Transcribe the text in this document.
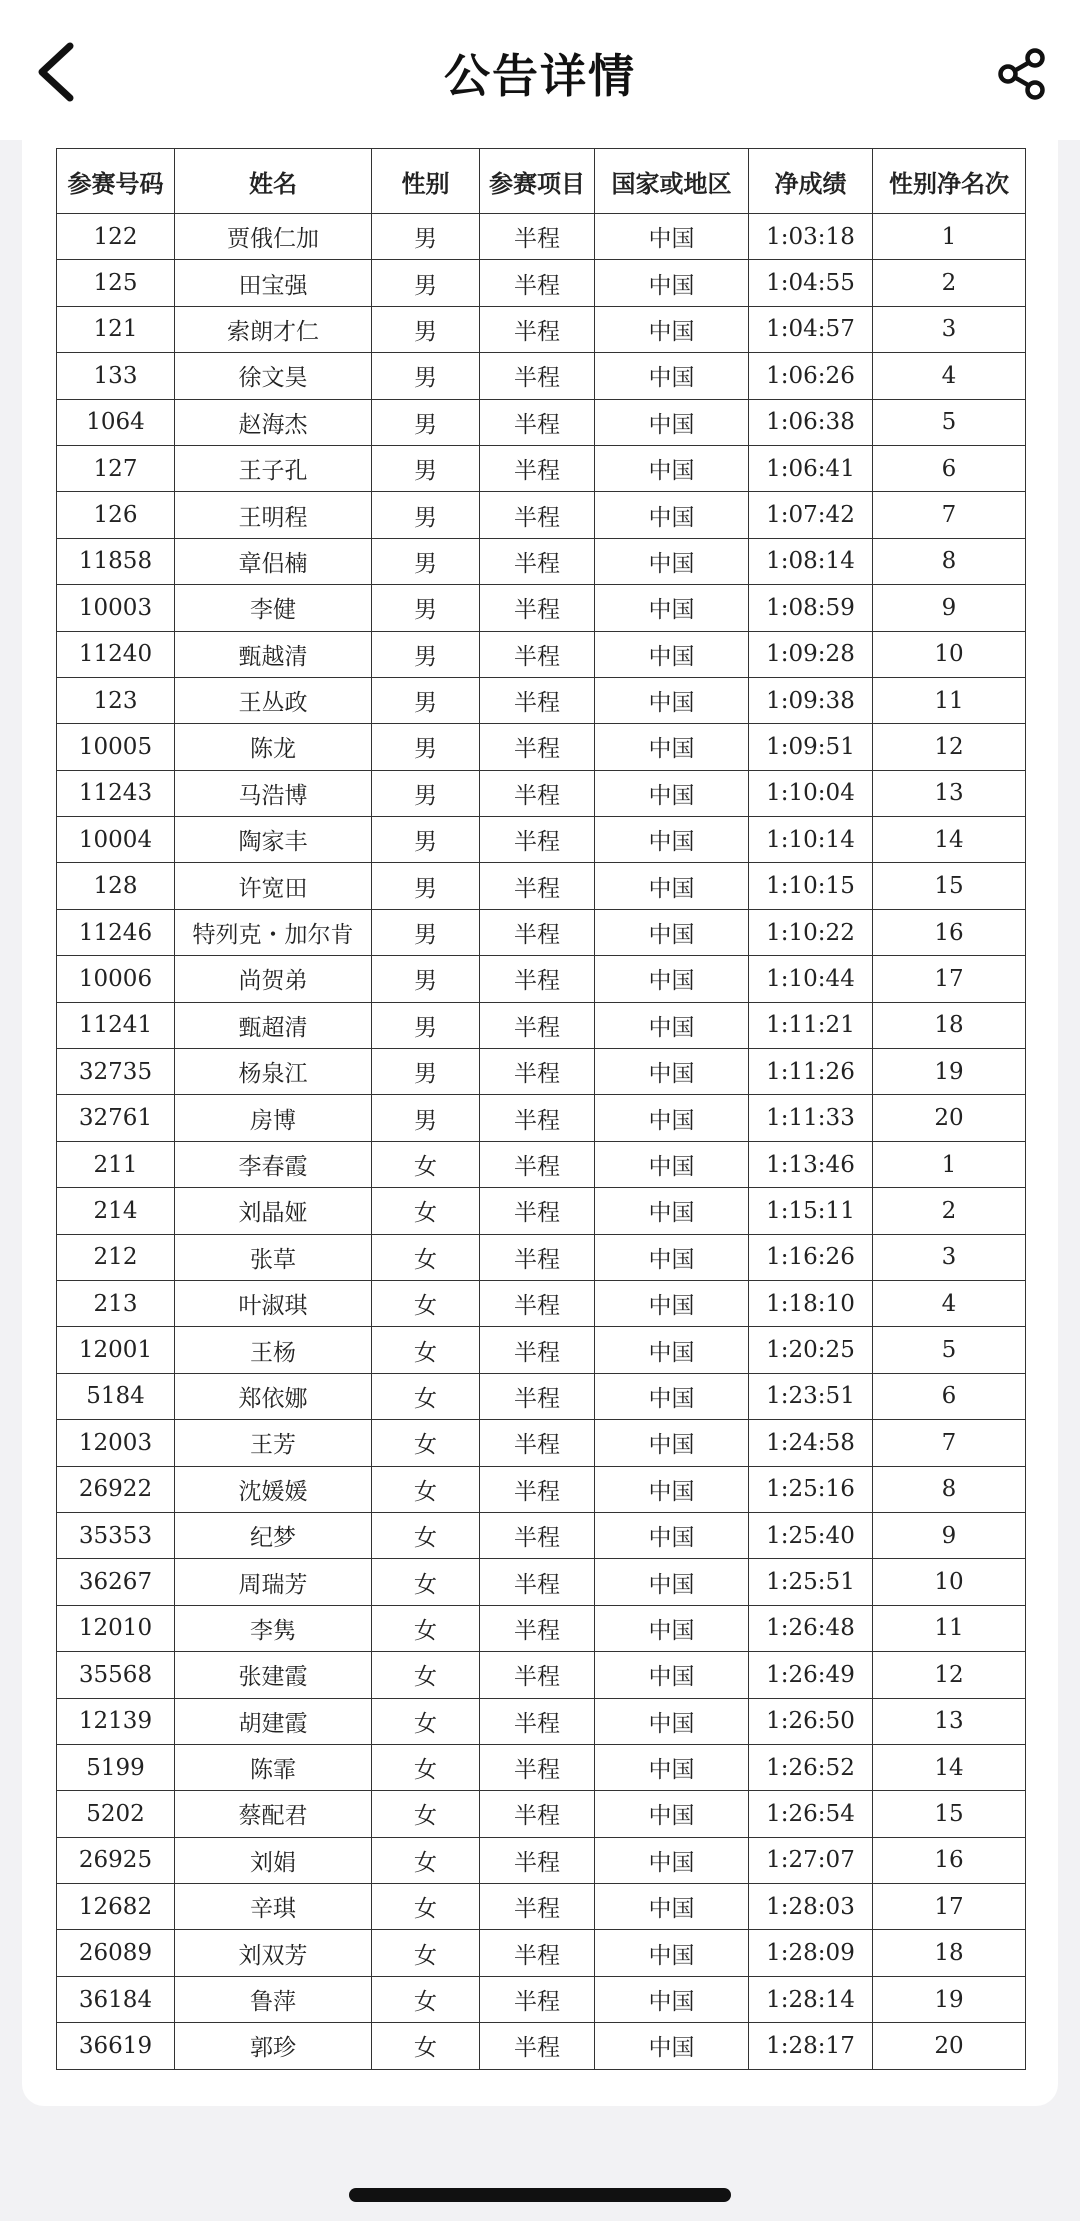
公告详情
参赛号码	姓名	性别	参赛项目	国家或地区	净成绩	性别净名次
122	贾俄仁加	男	半程	中国	1:03:18	1
125	田宝强	男	半程	中国	1:04:55	2
121	索朗才仁	男	半程	中国	1:04:57	3
133	徐文昊	男	半程	中国	1:06:26	4
1064	赵海杰	男	半程	中国	1:06:38	5
127	王子孔	男	半程	中国	1:06:41	6
126	王明程	男	半程	中国	1:07:42	7
11858	章侣楠	男	半程	中国	1:08:14	8
10003	李健	男	半程	中国	1:08:59	9
11240	甄越清	男	半程	中国	1:09:28	10
123	王丛政	男	半程	中国	1:09:38	11
10005	陈龙	男	半程	中国	1:09:51	12
11243	马浩博	男	半程	中国	1:10:04	13
10004	陶家丰	男	半程	中国	1:10:14	14
128	许宽田	男	半程	中国	1:10:15	15
11246	特列克・加尔肯	男	半程	中国	1:10:22	16
10006	尚贺弟	男	半程	中国	1:10:44	17
11241	甄超清	男	半程	中国	1:11:21	18
32735	杨泉江	男	半程	中国	1:11:26	19
32761	房博	男	半程	中国	1:11:33	20
211	李春霞	女	半程	中国	1:13:46	1
214	刘晶娅	女	半程	中国	1:15:11	2
212	张草	女	半程	中国	1:16:26	3
213	叶淑琪	女	半程	中国	1:18:10	4
12001	王杨	女	半程	中国	1:20:25	5
5184	郑依娜	女	半程	中国	1:23:51	6
12003	王芳	女	半程	中国	1:24:58	7
26922	沈媛媛	女	半程	中国	1:25:16	8
35353	纪梦	女	半程	中国	1:25:40	9
36267	周瑞芳	女	半程	中国	1:25:51	10
12010	李隽	女	半程	中国	1:26:48	11
35568	张建霞	女	半程	中国	1:26:49	12
12139	胡建霞	女	半程	中国	1:26:50	13
5199	陈霏	女	半程	中国	1:26:52	14
5202	蔡配君	女	半程	中国	1:26:54	15
26925	刘娟	女	半程	中国	1:27:07	16
12682	辛琪	女	半程	中国	1:28:03	17
26089	刘双芳	女	半程	中国	1:28:09	18
36184	鲁萍	女	半程	中国	1:28:14	19
36619	郭珍	女	半程	中国	1:28:17	20
